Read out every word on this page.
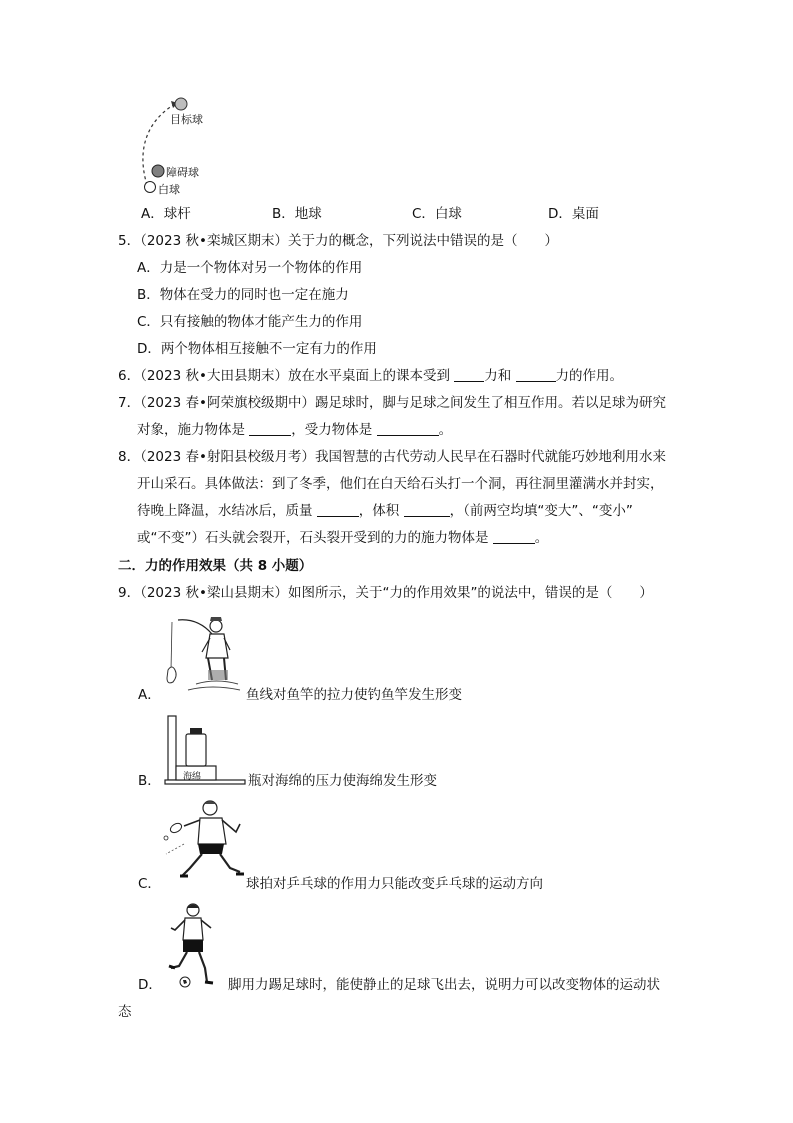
目标球
障碍球
白球
A．球杆	B．地球	C．白球	D．桌面
5．（2023 秋•栾城区期末）关于力的概念，下列说法中错误的是（　　）
A．力是一个物体对另一个物体的作用
B．物体在受力的同时也一定在施力
C．只有接触的物体才能产生力的作用
D．两个物体相互接触不一定有力的作用
6．（2023 秋•大田县期末）放在水平桌面上的课本受到	力和	力的作用。
7．（2023 春•阿荣旗校级期中）踢足球时，脚与足球之间发生了相互作用。若以足球为研究
对象，施力物体是	，受力物体是	。
8．（2023 春•射阳县校级月考）我国智慧的古代劳动人民早在石器时代就能巧妙地利用水来
开山采石。具体做法：到了冬季，他们在白天给石头打一个洞，再往洞里灌满水并封实，
待晚上降温，水结冰后，质量	，体积	，（前两空均填“变大”、“变小”
或“不变”）石头就会裂开，石头裂开受到的力的施力物体是	。
二．力的作用效果（共 8 小题）
9．（2023 秋•梁山县期末）如图所示，关于“力的作用效果”的说法中，错误的是（　　）
A．	鱼线对鱼竿的拉力使钓鱼竿发生形变
海绵
B．	瓶对海绵的压力使海绵发生形变
C．	球拍对乒乓球的作用力只能改变乒乓球的运动方向
D．	脚用力踢足球时，能使静止的足球飞出去，说明力可以改变物体的运动状
态
